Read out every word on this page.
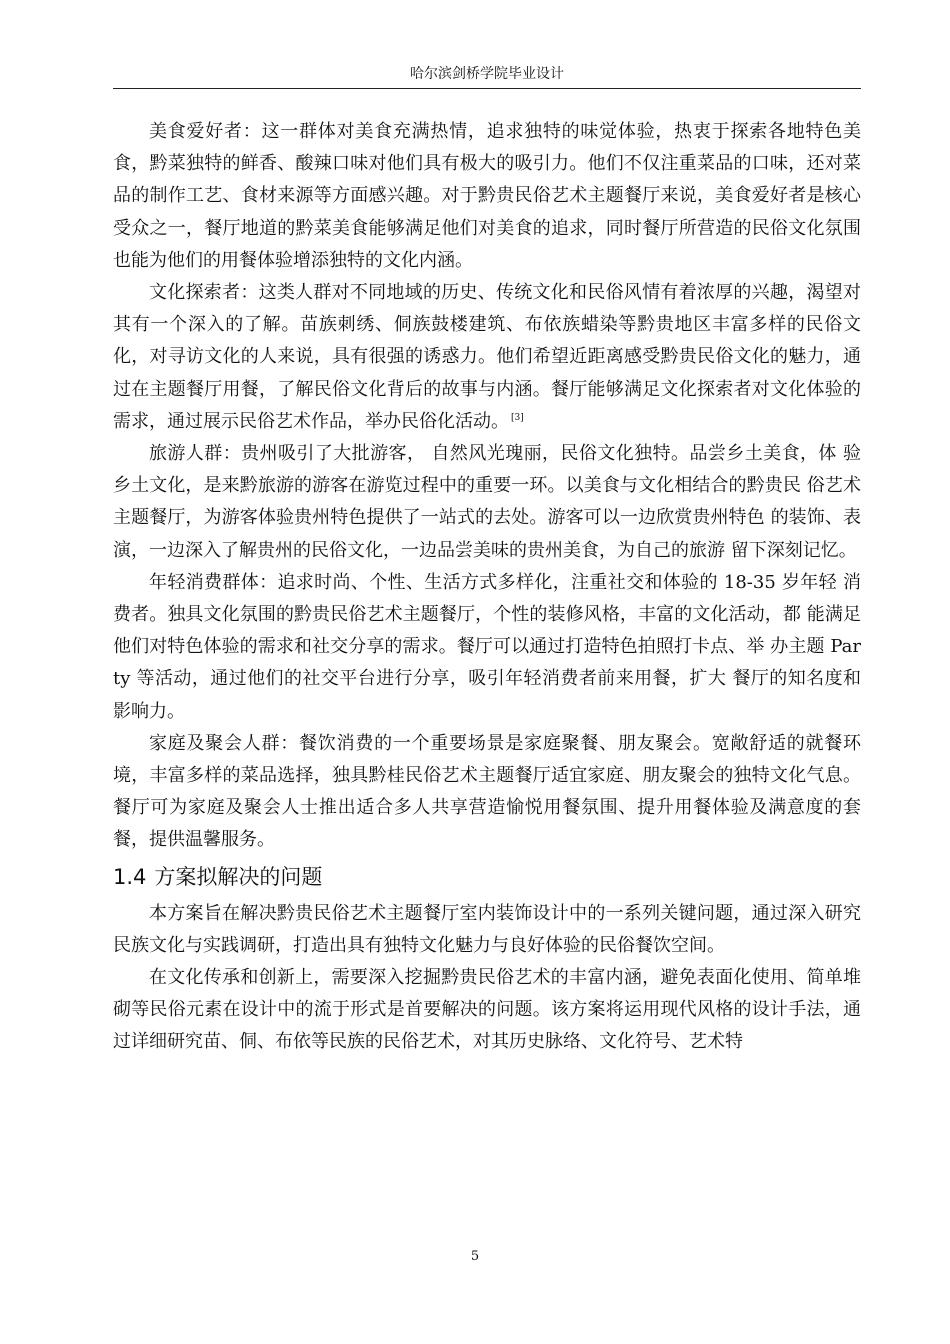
哈尔滨剑桥学院毕业设计

美食爱好者：这一群体对美食充满热情，追求独特的味觉体验，热衷于探索各地特色美食，黔菜独特的鲜香、酸辣口味对他们具有极大的吸引力。他们不仅注重菜品的口味，还对菜品的制作工艺、食材来源等方面感兴趣。对于黔贵民俗艺术主题餐厅来说，美食爱好者是核心受众之一，餐厅地道的黔菜美食能够满足他们对美食的追求，同时餐厅所营造的民俗文化氛围也能为他们的用餐体验增添独特的文化内涵。

文化探索者：这类人群对不同地域的历史、传统文化和民俗风情有着浓厚的兴趣，渴望对其有一个深入的了解。苗族刺绣、侗族鼓楼建筑、布依族蜡染等黔贵地区丰富多样的民俗文化，对寻访文化的人来说，具有很强的诱惑力。他们希望近距离感受黔贵民俗文化的魅力，通过在主题餐厅用餐，了解民俗文化背后的故事与内涵。餐厅能够满足文化探索者对文化体验的需求，通过展示民俗艺术作品，举办民俗化活动。 [3]

旅游人群：贵州吸引了大批游客， 自然风光瑰丽，民俗文化独特。品尝乡土美食，体 验乡土文化，是来黔旅游的游客在游览过程中的重要一环。以美食与文化相结合的黔贵民 俗艺术主题餐厅，为游客体验贵州特色提供了一站式的去处。游客可以一边欣赏贵州特色 的装饰、表演，一边深入了解贵州的民俗文化，一边品尝美味的贵州美食，为自己的旅游 留下深刻记忆。

年轻消费群体：追求时尚、个性、生活方式多样化，注重社交和体验的 18-35 岁年轻 消费者。独具文化氛围的黔贵民俗艺术主题餐厅，个性的装修风格，丰富的文化活动，都 能满足他们对特色体验的需求和社交分享的需求。餐厅可以通过打造特色拍照打卡点、举 办主题 Party 等活动，通过他们的社交平台进行分享，吸引年轻消费者前来用餐，扩大 餐厅的知名度和影响力。

家庭及聚会人群：餐饮消费的一个重要场景是家庭聚餐、朋友聚会。宽敞舒适的就餐环境，丰富多样的菜品选择，独具黔桂民俗艺术主题餐厅适宜家庭、朋友聚会的独特文化气息。餐厅可为家庭及聚会人士推出适合多人共享营造愉悦用餐氛围、提升用餐体验及满意度的套餐，提供温馨服务。

1.4 方案拟解决的问题

本方案旨在解决黔贵民俗艺术主题餐厅室内装饰设计中的一系列关键问题，通过深入研究民族文化与实践调研，打造出具有独特文化魅力与良好体验的民俗餐饮空间。

在文化传承和创新上，需要深入挖掘黔贵民俗艺术的丰富内涵，避免表面化使用、简单堆砌等民俗元素在设计中的流于形式是首要解决的问题。该方案将运用现代风格的设计手法，通过详细研究苗、侗、布依等民族的民俗艺术，对其历史脉络、文化符号、艺术特

5
